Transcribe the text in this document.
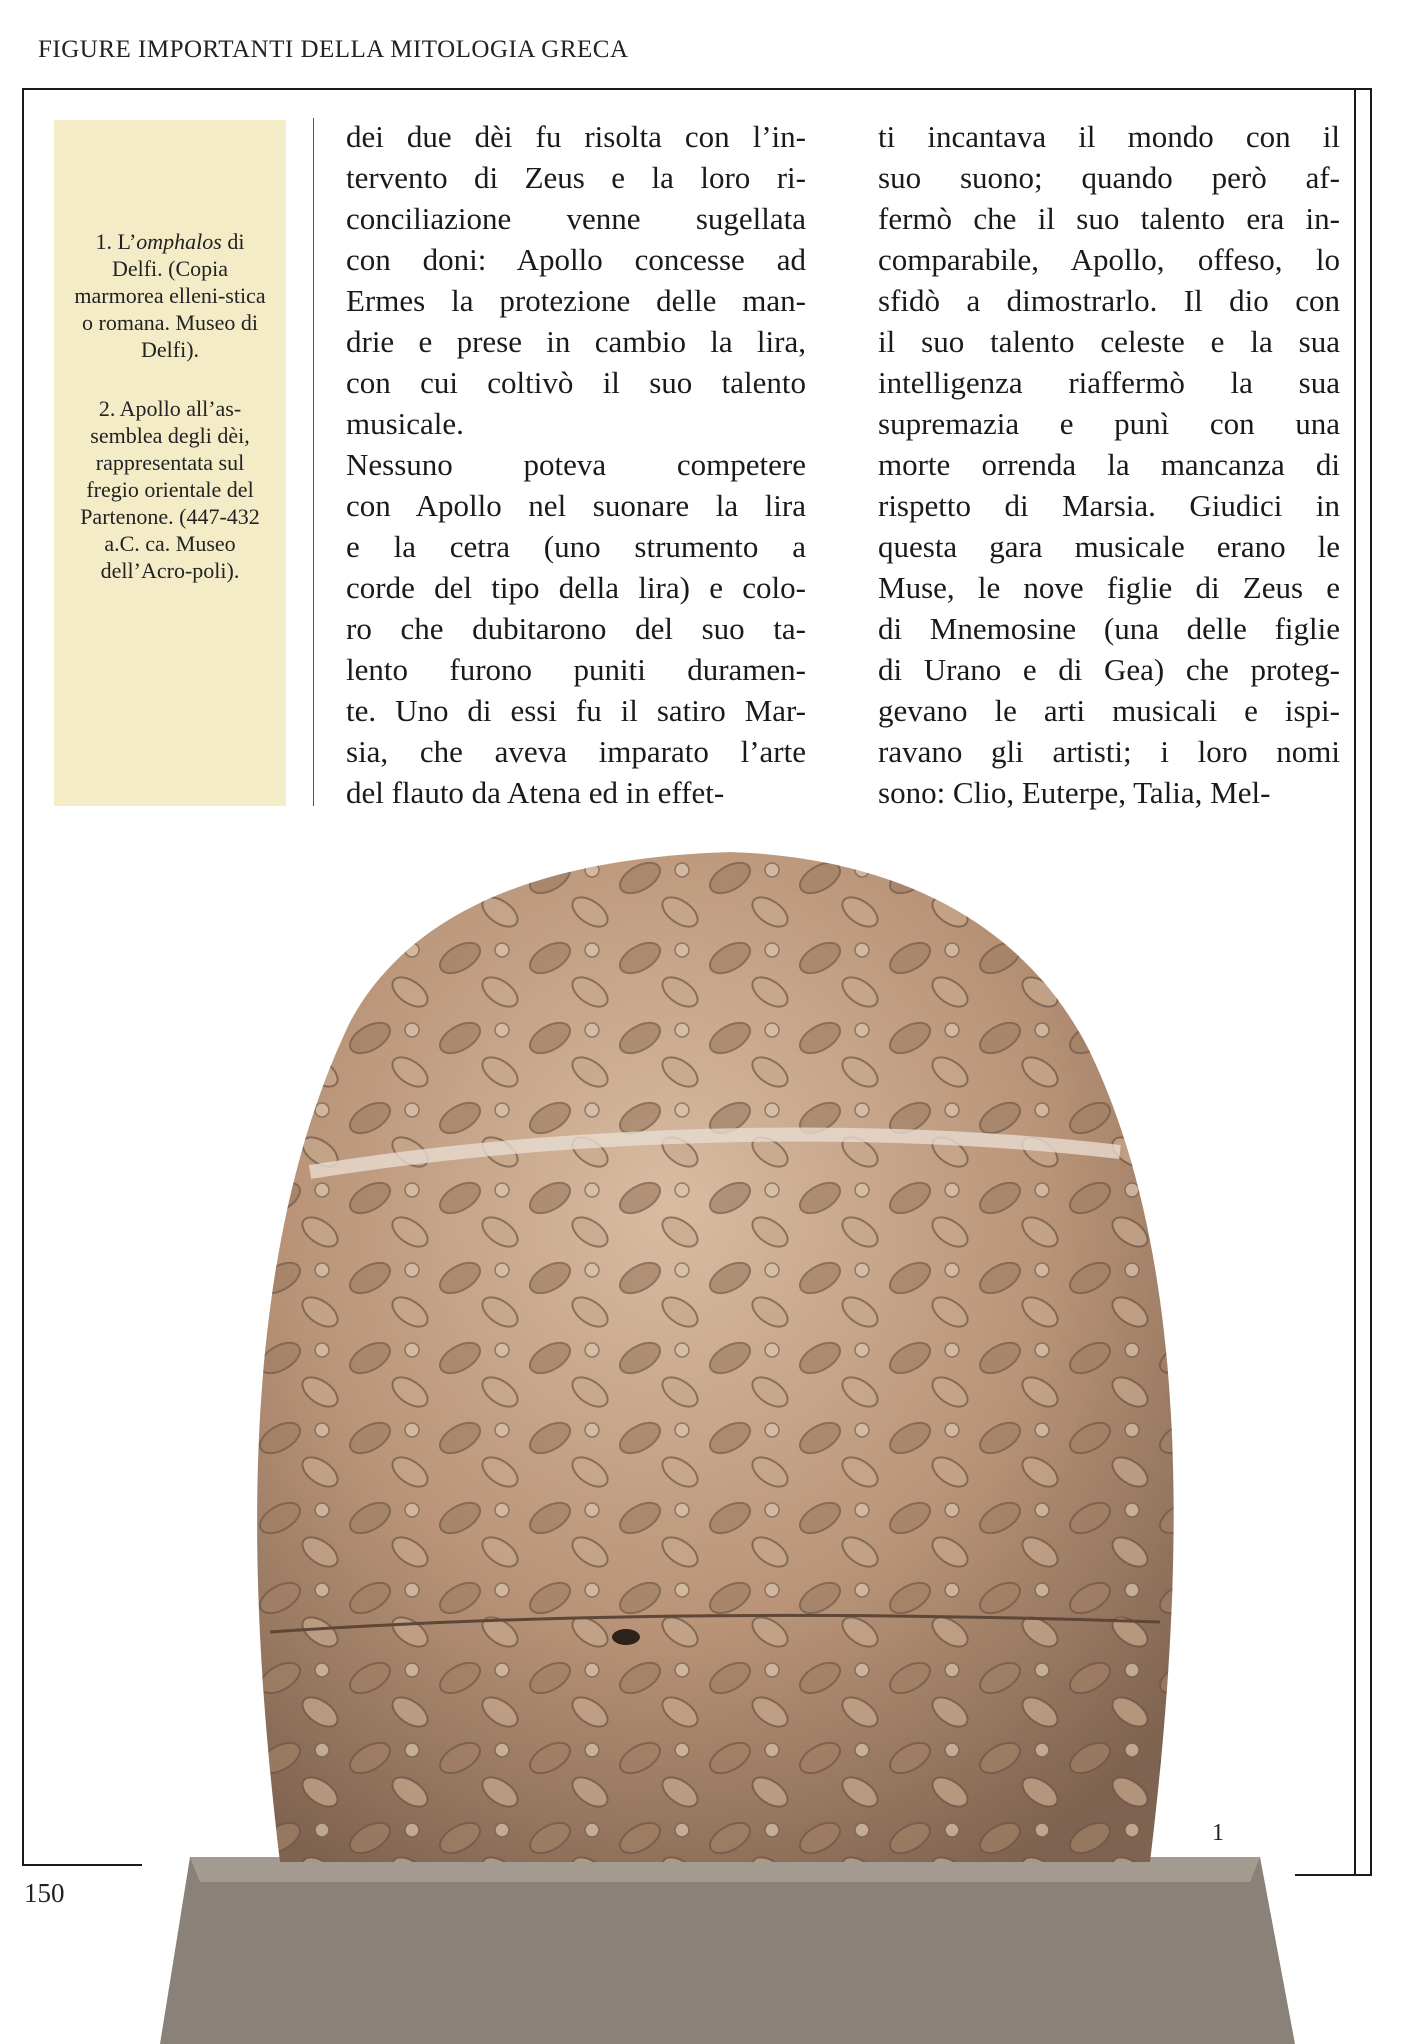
FIGURE IMPORTANTI DELLA MITOLOGIA GRECA

1. L’omphalos di Delfi. (Copia marmorea elleni-stica o romana. Museo di Delfi).

2. Apollo all’as-semblea degli dèi, rappresentata sul fregio orientale del Partenone. (447-432 a.C. ca. Museo dell’Acro-poli).

dei due dèi fu risolta con l’in-
tervento di Zeus e la loro ri-
conciliazione venne sugellata
con doni: Apollo concesse ad
Ermes la protezione delle man-
drie e prese in cambio la lira,
con cui coltivò il suo talento
musicale.
Nessuno poteva competere
con Apollo nel suonare la lira
e la cetra (uno strumento a
corde del tipo della lira) e colo-
ro che dubitarono del suo ta-
lento furono puniti duramen-
te. Uno di essi fu il satiro Mar-
sia, che aveva imparato l’arte
del flauto da Atena ed in effet-
ti incantava il mondo con il
suo suono; quando però af-
fermò che il suo talento era in-
comparabile, Apollo, offeso, lo
sfidò a dimostrarlo. Il dio con
il suo talento celeste e la sua
intelligenza riaffermò la sua
supremazia e punì con una
morte orrenda la mancanza di
rispetto di Marsia. Giudici in
questa gara musicale erano le
Muse, le nove figlie di Zeus e
di Mnemosine (una delle figlie
di Urano e di Gea) che proteg-
gevano le arti musicali e ispi-
ravano gli artisti; i loro nomi
sono: Clio, Euterpe, Talia, Mel-
1
150
